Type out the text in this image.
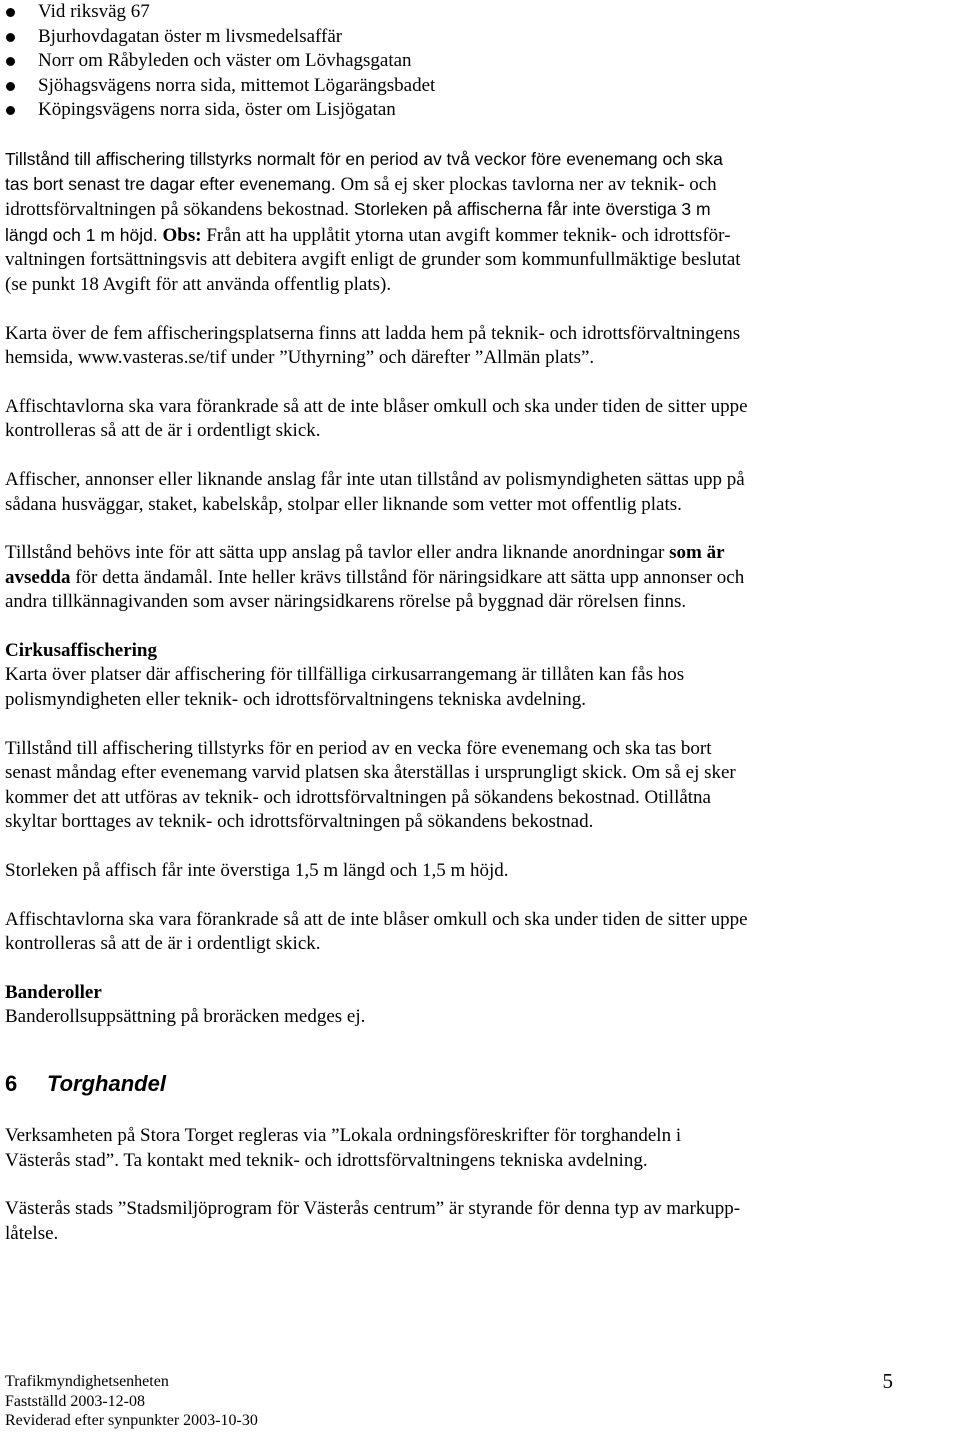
Vid riksväg 67
Bjurhovdagatan öster m livsmedelsaffär
Norr om Råbyleden och väster om Lövhagsgatan
Sjöhagsvägens norra sida, mittemot Lögarängsbadet
Köpingsvägens norra sida, öster om Lisjögatan
Tillstånd till affischering tillstyrks normalt för en period av två veckor före evenemang och ska
tas bort senast tre dagar efter evenemang. Om så ej sker plockas tavlorna ner av teknik- och
idrottsförvaltningen på sökandens bekostnad. Storleken på affischerna får inte överstiga 3 m
längd och 1 m höjd. Obs: Från att ha upplåtit ytorna utan avgift kommer teknik- och idrottsför-
valtningen fortsättningsvis att debitera avgift enligt de grunder som kommunfullmäktige beslutat
(se punkt 18 Avgift för att använda offentlig plats).
Karta över de fem affischeringsplatserna finns att ladda hem på teknik- och idrottsförvaltningens
hemsida, www.vasteras.se/tif under ”Uthyrning” och därefter ”Allmän plats”.
Affischtavlorna ska vara förankrade så att de inte blåser omkull och ska under tiden de sitter uppe
kontrolleras så att de är i ordentligt skick.
Affischer, annonser eller liknande anslag får inte utan tillstånd av polismyndigheten sättas upp på
sådana husväggar, staket, kabelskåp, stolpar eller liknande som vetter mot offentlig plats.
Tillstånd behövs inte för att sätta upp anslag på tavlor eller andra liknande anordningar som är
avsedda för detta ändamål. Inte heller krävs tillstånd för näringsidkare att sätta upp annonser och
andra tillkännagivanden som avser näringsidkarens rörelse på byggnad där rörelsen finns.
Cirkusaffischering
Karta över platser där affischering för tillfälliga cirkusarrangemang är tillåten kan fås hos
polismyndigheten eller teknik- och idrottsförvaltningens tekniska avdelning.
Tillstånd till affischering tillstyrks för en period av en vecka före evenemang och ska tas bort
senast måndag efter evenemang varvid platsen ska återställas i ursprungligt skick. Om så ej sker
kommer det att utföras av teknik- och idrottsförvaltningen på sökandens bekostnad. Otillåtna
skyltar borttages av teknik- och idrottsförvaltningen på sökandens bekostnad.
Storleken på affisch får inte överstiga 1,5 m längd och 1,5 m höjd.
Affischtavlorna ska vara förankrade så att de inte blåser omkull och ska under tiden de sitter uppe
kontrolleras så att de är i ordentligt skick.
Banderoller
Banderollsuppsättning på broräcken medges ej.
6 Torghandel
Verksamheten på Stora Torget regleras via ”Lokala ordningsföreskrifter för torghandeln i
Västerås stad”. Ta kontakt med teknik- och idrottsförvaltningens tekniska avdelning.
Västerås stads ”Stadsmiljöprogram för Västerås centrum” är styrande för denna typ av markupp-
låtelse.
Trafikmyndighetsenheten
Fastställd 2003-12-08
Reviderad efter synpunkter 2003-10-30
5
